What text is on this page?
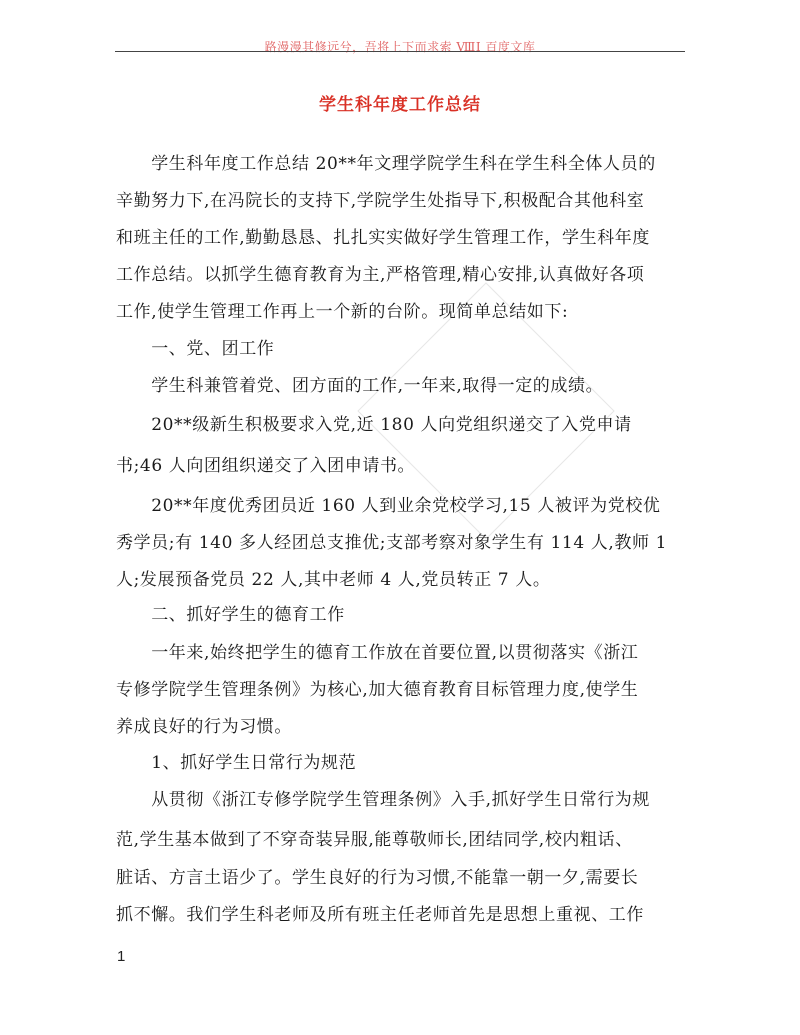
路漫漫其修远兮，吾将上下而求索 ⅧⅠ 百度文库
学生科年度工作总结
　　学生科年度工作总结 20**年文理学院学生科在学生科全体人员的
辛勤努力下,在冯院长的支持下,学院学生处指导下,积极配合其他科室
和班主任的工作,勤勤恳恳、扎扎实实做好学生管理工作，学生科年度
工作总结。以抓学生德育教育为主,严格管理,精心安排,认真做好各项
工作,使学生管理工作再上一个新的台阶。现简单总结如下:
　　一、党、团工作
　　学生科兼管着党、团方面的工作,一年来,取得一定的成绩。
　　20**级新生积极要求入党,近 180 人向党组织递交了入党申请
书;46 人向团组织递交了入团申请书。
　　20**年度优秀团员近 160 人到业余党校学习,15 人被评为党校优
秀学员;有 140 多人经团总支推优;支部考察对象学生有 114 人,教师 1
人;发展预备党员 22 人,其中老师 4 人,党员转正 7 人。
　　二、抓好学生的德育工作
　　一年来,始终把学生的德育工作放在首要位置,以贯彻落实《浙江
专修学院学生管理条例》为核心,加大德育教育目标管理力度,使学生
养成良好的行为习惯。
　　1、抓好学生日常行为规范
　　从贯彻《浙江专修学院学生管理条例》入手,抓好学生日常行为规
范,学生基本做到了不穿奇装异服,能尊敬师长,团结同学,校内粗话、
脏话、方言土语少了。学生良好的行为习惯,不能靠一朝一夕,需要长
抓不懈。我们学生科老师及所有班主任老师首先是思想上重视、工作
1
